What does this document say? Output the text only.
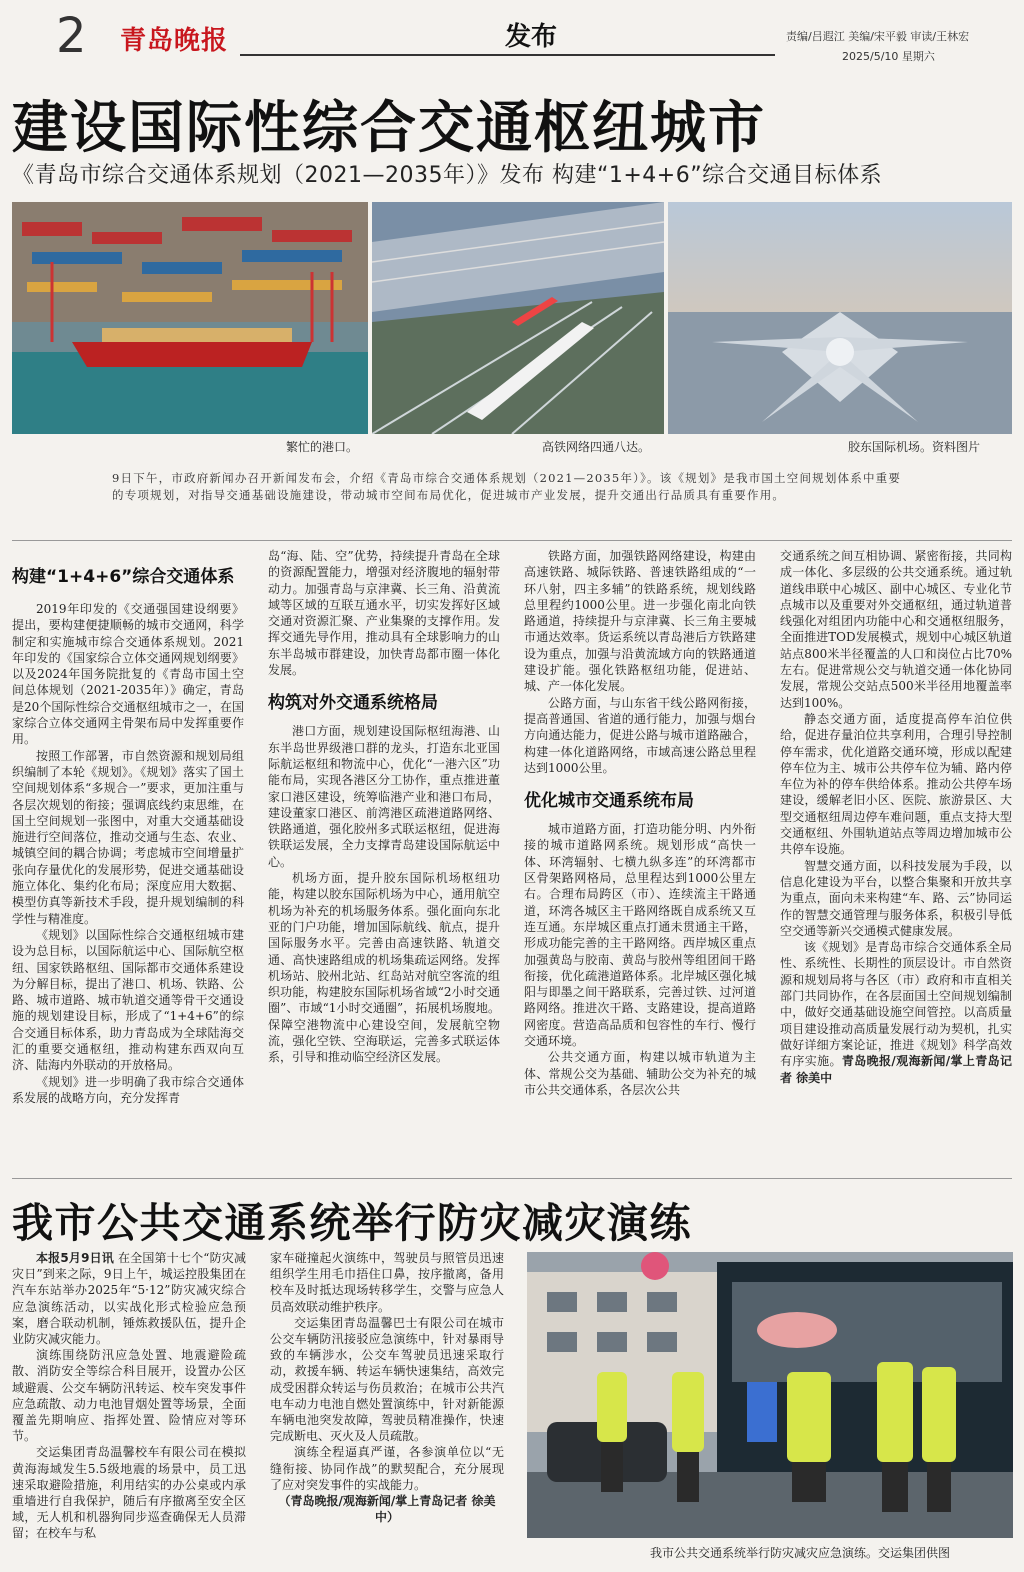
2 青岛晚报	发布	责编/吕遐江 美编/宋平毅 审读/王林宏
2025/5/10 星期六
建设国际性综合交通枢纽城市
《青岛市综合交通体系规划（2021—2035年）》发布 构建“1+4+6”综合交通目标体系
繁忙的港口。	高铁网络四通八达。	胶东国际机场。资料图片
9日下午，市政府新闻办召开新闻发布会，介绍《青岛市综合交通体系规划（2021—2035年）》。该《规划》是我市国土空间规划体系中重要的专项规划，对指导交通基础设施建设，带动城市空间布局优化，促进城市产业发展，提升交通出行品质具有重要作用。
构建“1+4+6”综合交通体系

2019年印发的《交通强国建设纲要》提出，要构建便捷顺畅的城市交通网，科学制定和实施城市综合交通体系规划。2021年印发的《国家综合立体交通网规划纲要》以及2024年国务院批复的《青岛市国土空间总体规划（2021-2035年）》确定，青岛是20个国际性综合交通枢纽城市之一，在国家综合立体交通网主骨架布局中发挥重要作用。

按照工作部署，市自然资源和规划局组织编制了本轮《规划》。《规划》落实了国土空间规划体系“多规合一”要求，更加注重与各层次规划的衔接；强调底线约束思维，在国土空间规划一张图中，对重大交通基础设施进行空间落位，推动交通与生态、农业、城镇空间的耦合协调；考虑城市空间增量扩张向存量优化的发展形势，促进交通基础设施立体化、集约化布局；深度应用大数据、模型仿真等新技术手段，提升规划编制的科学性与精准度。

《规划》以国际性综合交通枢纽城市建设为总目标，以国际航运中心、国际航空枢纽、国家铁路枢纽、国际都市交通体系建设为分解目标，提出了港口、机场、铁路、公路、城市道路、城市轨道交通等骨干交通设施的规划建设目标，形成了“1+4+6”的综合交通目标体系，助力青岛成为全球陆海交汇的重要交通枢纽，推动构建东西双向互济、陆海内外联动的开放格局。

《规划》进一步明确了我市综合交通体系发展的战略方向，充分发挥青

岛“海、陆、空”优势，持续提升青岛在全球的资源配置能力，增强对经济腹地的辐射带动力。加强青岛与京津冀、长三角、沿黄流域等区域的互联互通水平，切实发挥好区域交通对资源汇聚、产业集聚的支撑作用。发挥交通先导作用，推动具有全球影响力的山东半岛城市群建设，加快青岛都市圈一体化发展。

构筑对外交通系统格局

港口方面，规划建设国际枢纽海港、山东半岛世界级港口群的龙头，打造东北亚国际航运枢纽和物流中心，优化“一港六区”功能布局，实现各港区分工协作，重点推进董家口港区建设，统筹临港产业和港口布局，建设董家口港区、前湾港区疏港道路网络、铁路通道，强化胶州多式联运枢纽，促进海铁联运发展，全力支撑青岛建设国际航运中心。

机场方面，提升胶东国际机场枢纽功能，构建以胶东国际机场为中心，通用航空机场为补充的机场服务体系。强化面向东北亚的门户功能，增加国际航线、航点，提升国际服务水平。完善由高速铁路、轨道交通、高快速路组成的机场集疏运网络。发挥机场站、胶州北站、红岛站对航空客流的组织功能，构建胶东国际机场省域“2小时交通圈”、市域“1小时交通圈”，拓展机场腹地。保障空港物流中心建设空间，发展航空物流，强化空铁、空海联运，完善多式联运体系，引导和推动临空经济区发展。

铁路方面，加强铁路网络建设，构建由高速铁路、城际铁路、普速铁路组成的“一环八射，四主多辅”的铁路系统，规划线路总里程约1000公里。进一步强化南北向铁路通道，持续提升与京津冀、长三角主要城市通达效率。货运系统以青岛港后方铁路建设为重点，加强与沿黄流域方向的铁路通道建设扩能。强化铁路枢纽功能，促进站、城、产一体化发展。

公路方面，与山东省干线公路网衔接，提高普通国、省道的通行能力，加强与烟台方向通达能力，促进公路与城市道路融合，构建一体化道路网络，市域高速公路总里程达到1000公里。

优化城市交通系统布局

城市道路方面，打造功能分明、内外衔接的城市道路网系统。规划形成“高快一体、环湾辐射、七横九纵多连”的环湾都市区骨架路网格局，总里程达到1000公里左右。合理布局跨区（市）、连续流主干路通道，环湾各城区主干路网络既自成系统又互连互通。东岸城区重点打通未贯通主干路，形成功能完善的主干路网络。西岸城区重点加强黄岛与胶南、黄岛与胶州等组团间干路衔接，优化疏港道路体系。北岸城区强化城阳与即墨之间干路联系，完善过铁、过河道路网络。推进次干路、支路建设，提高道路网密度。营造高品质和包容性的车行、慢行交通环境。

公共交通方面，构建以城市轨道为主体、常规公交为基础、辅助公交为补充的城市公共交通体系，各层次公共

交通系统之间互相协调、紧密衔接，共同构成一体化、多层级的公共交通系统。通过轨道线串联中心城区、副中心城区、专业化节点城市以及重要对外交通枢纽，通过轨道普线强化对组团内功能中心和交通枢纽服务，全面推进TOD发展模式，规划中心城区轨道站点800米半径覆盖的人口和岗位占比70%左右。促进常规公交与轨道交通一体化协同发展，常规公交站点500米半径用地覆盖率达到100%。

静态交通方面，适度提高停车泊位供给，促进存量泊位共享利用，合理引导控制停车需求，优化道路交通环境，形成以配建停车位为主、城市公共停车位为辅、路内停车位为补的停车供给体系。推动公共停车场建设，缓解老旧小区、医院、旅游景区、大型交通枢纽周边停车难问题，重点支持大型交通枢纽、外围轨道站点等周边增加城市公共停车设施。

智慧交通方面，以科技发展为手段，以信息化建设为平台，以整合集聚和开放共享为重点，面向未来构建“车、路、云”协同运作的智慧交通管理与服务体系，积极引导低空交通等新兴交通模式健康发展。

该《规划》是青岛市综合交通体系全局性、系统性、长期性的顶层设计。市自然资源和规划局将与各区（市）政府和市直相关部门共同协作，在各层面国土空间规划编制中，做好交通基础设施空间管控。以高质量项目建设推动高质量发展行动为契机，扎实做好详细方案论证，推进《规划》科学高效有序实施。青岛晚报/观海新闻/掌上青岛记者 徐美中

我市公共交通系统举行防灾减灾演练

本报5月9日讯 在全国第十七个“防灾减灾日”到来之际，9日上午，城运控股集团在汽车东站举办2025年“5·12”防灾减灾综合应急演练活动，以实战化形式检验应急预案，磨合联动机制，锤炼救援队伍，提升企业防灾减灾能力。

演练围绕防汛应急处置、地震避险疏散、消防安全等综合科目展开，设置办公区域避震、公交车辆防汛转运、校车突发事件应急疏散、动力电池冒烟处置等场景，全面覆盖先期响应、指挥处置、险情应对等环节。

交运集团青岛温馨校车有限公司在模拟黄海海域发生5.5级地震的场景中，员工迅速采取避险措施，利用结实的办公桌或内承重墙进行自我保护，随后有序撤离至安全区域，无人机和机器狗同步巡查确保无人员滞留；在校车与私

家车碰撞起火演练中，驾驶员与照管员迅速组织学生用毛巾捂住口鼻，按序撤离，备用校车及时抵达现场转移学生，交警与应急人员高效联动维护秩序。

交运集团青岛温馨巴士有限公司在城市公交车辆防汛接驳应急演练中，针对暴雨导致的车辆涉水，公交车驾驶员迅速采取行动，救援车辆、转运车辆快速集结，高效完成受困群众转运与伤员救治；在城市公共汽电车动力电池自燃处置演练中，针对新能源车辆电池突发故障，驾驶员精准操作，快速完成断电、灭火及人员疏散。

演练全程逼真严谨，各参演单位以“无缝衔接、协同作战”的默契配合，充分展现了应对突发事件的实战能力。

（青岛晚报/观海新闻/掌上青岛记者 徐美中）

我市公共交通系统举行防灾减灾应急演练。交运集团供图
